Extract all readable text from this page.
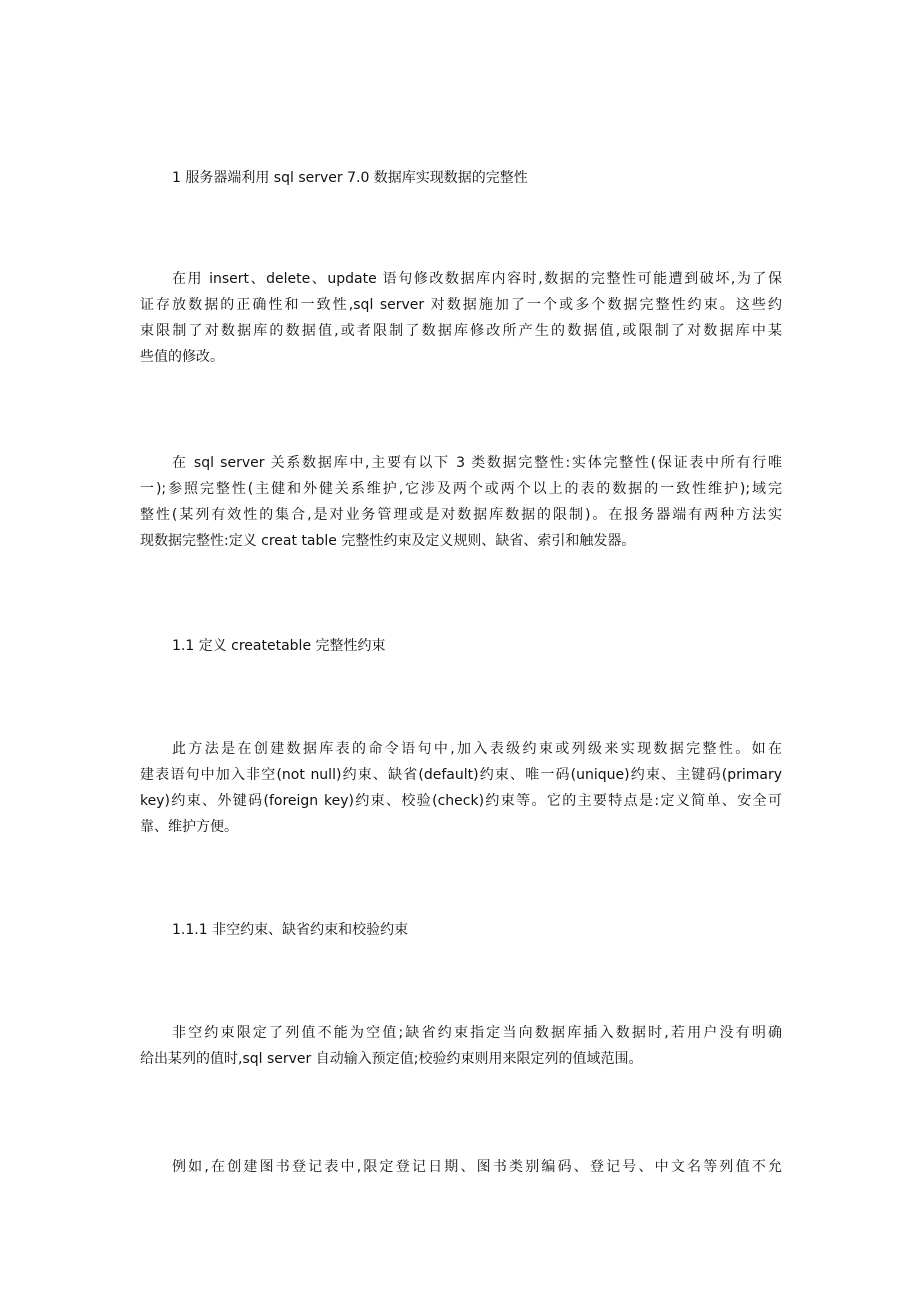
1 服务器端利用 sql server 7.0 数据库实现数据的完整性
在用 insert、delete、update 语句修改数据库内容时,数据的完整性可能遭到破坏,为了保
证存放数据的正确性和一致性,sql server 对数据施加了一个或多个数据完整性约束。这些约
束限制了对数据库的数据值,或者限制了数据库修改所产生的数据值,或限制了对数据库中某
些值的修改。
在 sql server 关系数据库中,主要有以下 3 类数据完整性:实体完整性(保证表中所有行唯
一);参照完整性(主健和外健关系维护,它涉及两个或两个以上的表的数据的一致性维护);域完
整性(某列有效性的集合,是对业务管理或是对数据库数据的限制)。在报务器端有两种方法实
现数据完整性:定义 creat table 完整性约束及定义规则、缺省、索引和触发器。
1.1 定义 createtable 完整性约束
此方法是在创建数据库表的命令语句中,加入表级约束或列级来实现数据完整性。如在
建表语句中加入非空(not null)约束、缺省(default)约束、唯一码(unique)约束、主键码(primary
key)约束、外键码(foreign key)约束、校验(check)约束等。它的主要特点是:定义简单、安全可
靠、维护方便。
1.1.1 非空约束、缺省约束和校验约束
非空约束限定了列值不能为空值;缺省约束指定当向数据库插入数据时,若用户没有明确
给出某列的值时,sql server 自动输入预定值;校验约束则用来限定列的值域范围。
例如,在创建图书登记表中,限定登记日期、图书类别编码、登记号、中文名等列值不允
